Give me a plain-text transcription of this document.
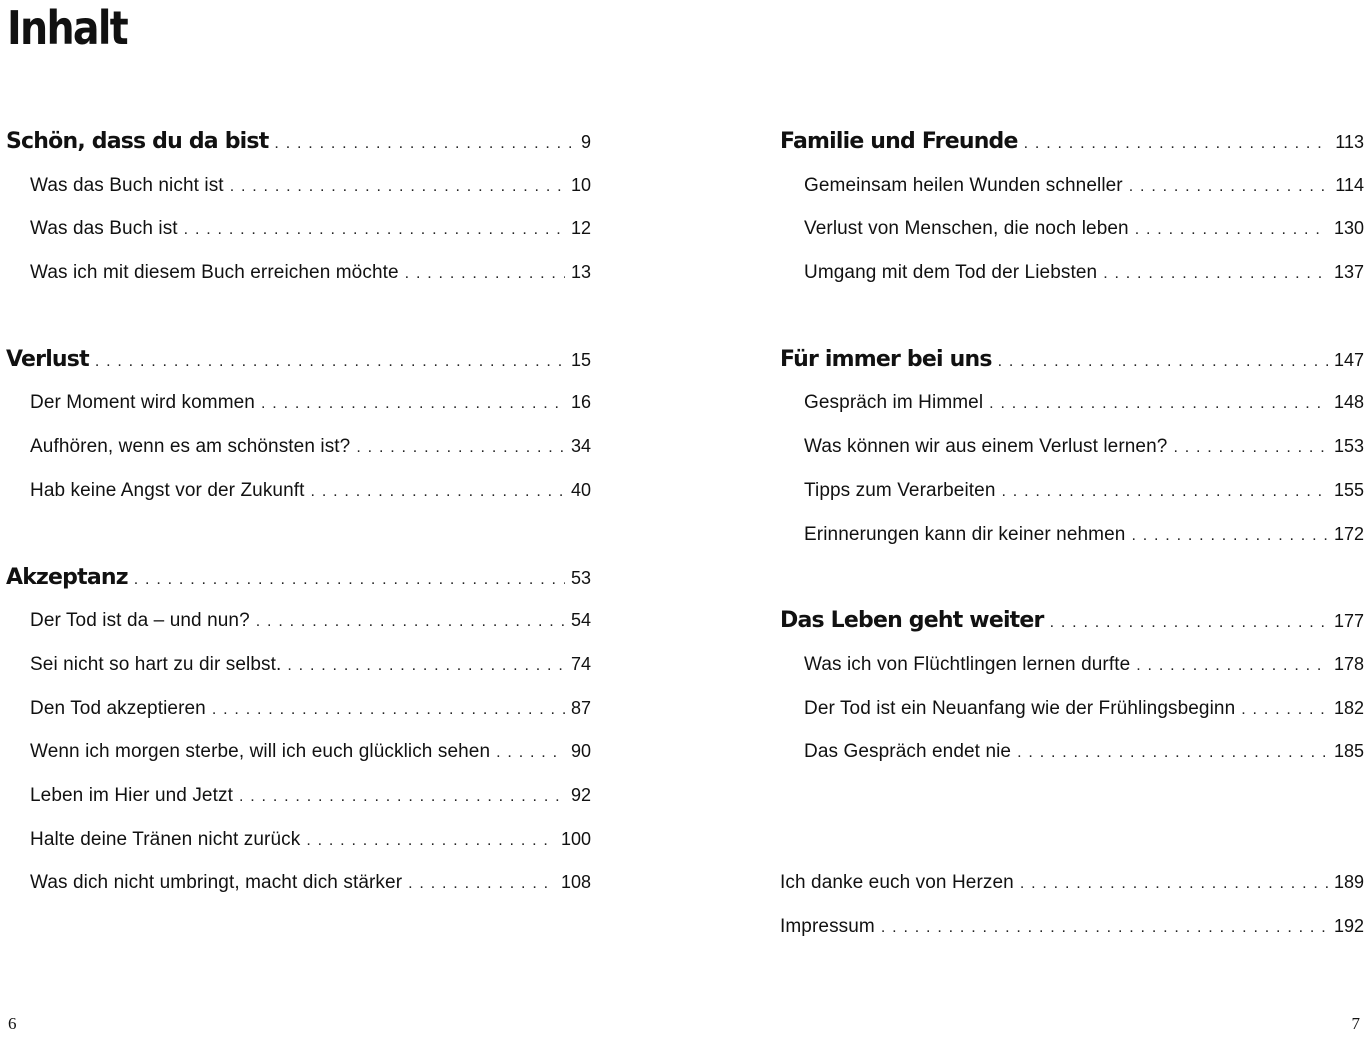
Inhalt
Schön, dass du da bist . . .	9
Was das Buch nicht ist . . .	10
Was das Buch ist . . .	12
Was ich mit diesem Buch erreichen möchte . . .	13
Verlust . . .	15
Der Moment wird kommen . . .	16
Aufhören, wenn es am schönsten ist? . . .	34
Hab keine Angst vor der Zukunft . . .	40
Akzeptanz . . .	53
Der Tod ist da – und nun? . . .	54
Sei nicht so hart zu dir selbst. . . .	74
Den Tod akzeptieren . . .	87
Wenn ich morgen sterbe, will ich euch glücklich sehen . . .	90
Leben im Hier und Jetzt . . .	92
Halte deine Tränen nicht zurück . . .	100
Was dich nicht umbringt, macht dich stärker . . .	108
Familie und Freunde . . .	113
Gemeinsam heilen Wunden schneller . . .	114
Verlust von Menschen, die noch leben . . .	130
Umgang mit dem Tod der Liebsten . . .	137
Für immer bei uns . . .	147
Gespräch im Himmel . . .	148
Was können wir aus einem Verlust lernen? . . .	153
Tipps zum Verarbeiten . . .	155
Erinnerungen kann dir keiner nehmen . . .	172
Das Leben geht weiter . . .	177
Was ich von Flüchtlingen lernen durfte . . .	178
Der Tod ist ein Neuanfang wie der Frühlingsbeginn . . .	182
Das Gespräch endet nie . . .	185
Ich danke euch von Herzen . . .	189
Impressum . . .	192
6	7
